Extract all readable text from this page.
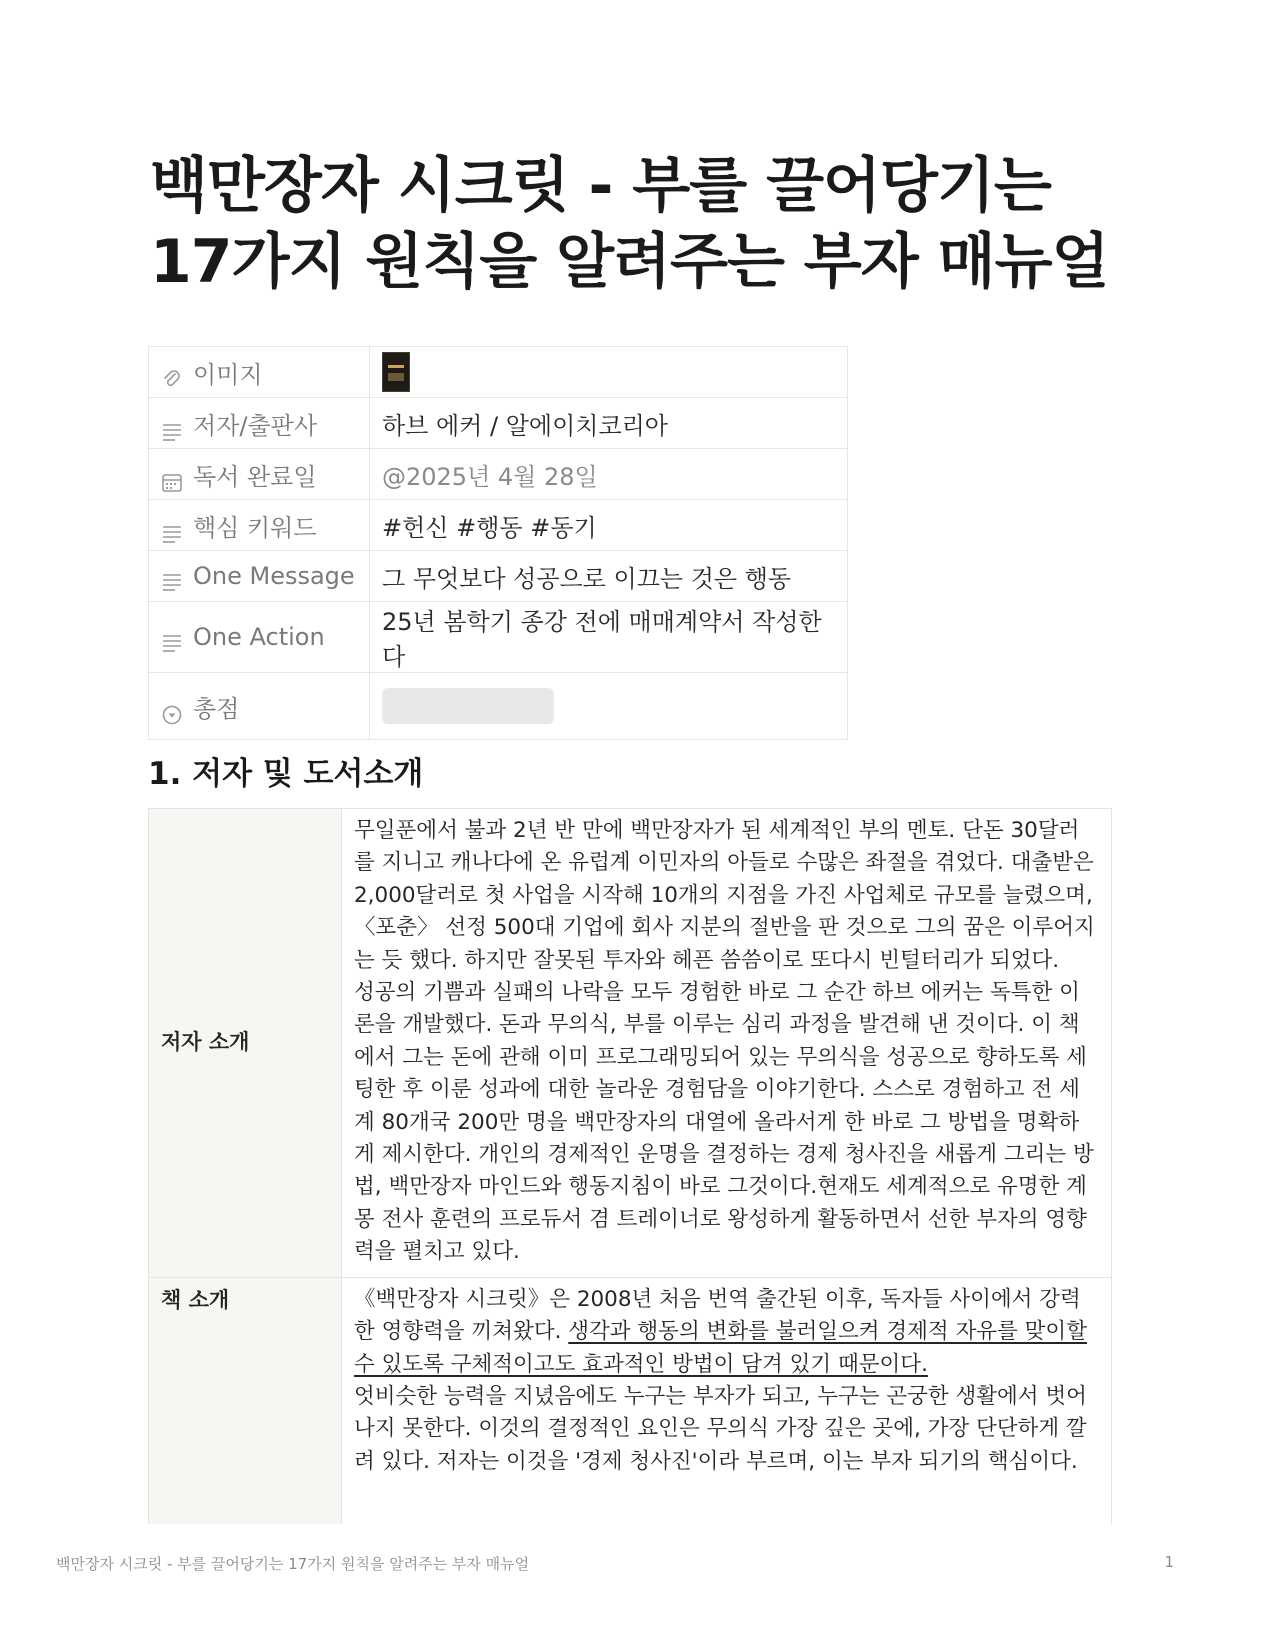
백만장자 시크릿 - 부를 끌어당기는 17가지 원칙을 알려주는 부자 매뉴얼
이미지	
저자/출판사	하브 에커 / 알에이치코리아
독서 완료일	@2025년 4월 28일
핵심 키워드	#헌신 #행동 #동기
One Message	그 무엇보다 성공으로 이끄는 것은 행동
One Action	25년 봄학기 종강 전에 매매계약서 작성한다
총점	
1. 저자 및 도서소개
저자 소개	무일푼에서 불과 2년 반 만에 백만장자가 된 세계적인 부의 멘토. 단돈 30달러를 지니고 캐나다에 온 유럽계 이민자의 아들로 수많은 좌절을 겪었다. 대출받은 2,000달러로 첫 사업을 시작해 10개의 지점을 가진 사업체로 규모를 늘렸으며, 〈포춘〉 선정 500대 기업에 회사 지분의 절반을 판 것으로 그의 꿈은 이루어지는 듯 했다. 하지만 잘못된 투자와 헤픈 씀씀이로 또다시 빈털터리가 되었다.
성공의 기쁨과 실패의 나락을 모두 경험한 바로 그 순간 하브 에커는 독특한 이론을 개발했다. 돈과 무의식, 부를 이루는 심리 과정을 발견해 낸 것이다. 이 책에서 그는 돈에 관해 이미 프로그래밍되어 있는 무의식을 성공으로 향하도록 세팅한 후 이룬 성과에 대한 놀라운 경험담을 이야기한다. 스스로 경험하고 전 세계 80개국 200만 명을 백만장자의 대열에 올라서게 한 바로 그 방법을 명확하게 제시한다. 개인의 경제적인 운명을 결정하는 경제 청사진을 새롭게 그리는 방법, 백만장자 마인드와 행동지침이 바로 그것이다.현재도 세계적으로 유명한 계몽 전사 훈련의 프로듀서 겸 트레이너로 왕성하게 활동하면서 선한 부자의 영향력을 펼치고 있다.

책 소개	《백만장자 시크릿》은 2008년 처음 번역 출간된 이후, 독자들 사이에서 강력한 영향력을 끼쳐왔다. 생각과 행동의 변화를 불러일으켜 경제적 자유를 맞이할 수 있도록 구체적이고도 효과적인 방법이 담겨 있기 때문이다.
엇비슷한 능력을 지녔음에도 누구는 부자가 되고, 누구는 곤궁한 생활에서 벗어나지 못한다. 이것의 결정적인 요인은 무의식 가장 깊은 곳에, 가장 단단하게 깔려 있다. 저자는 이것을 '경제 청사진'이라 부르며, 이는 부자 되기의 핵심이다.
백만장자 시크릿 - 부를 끌어당기는 17가지 원칙을 알려주는 부자 매뉴얼	1
